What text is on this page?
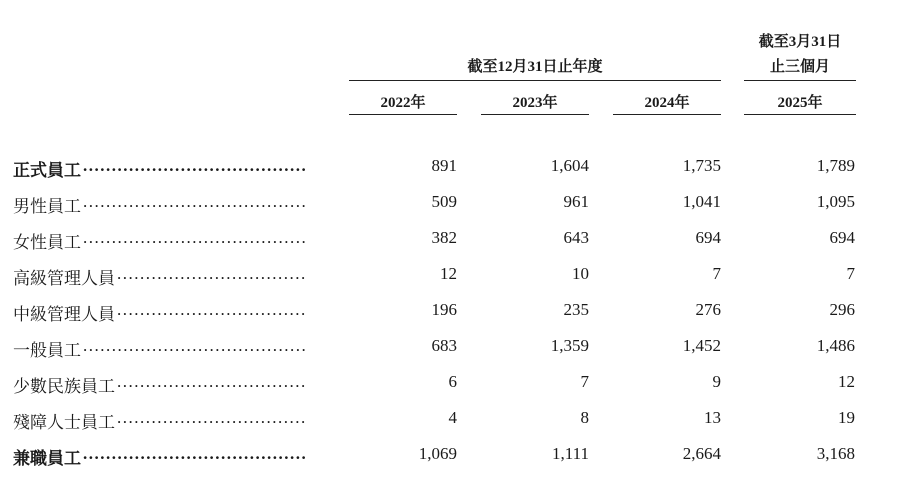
截至3月31日
止三個月
截至12月31日止年度
2022年	2023年	2024年	2025年
正式員工 .......................................	891	1,604	1,735	1,789
男性員工 .......................................	509	961	1,041	1,095
女性員工 .......................................	382	643	694	694
高級管理人員 .................................	12	10	7	7
中級管理人員 .................................	196	235	276	296
一般員工 .......................................	683	1,359	1,452	1,486
少數民族員工 .................................	6	7	9	12
殘障人士員工 .................................	4	8	13	19
兼職員工 .......................................	1,069	1,111	2,664	3,168
